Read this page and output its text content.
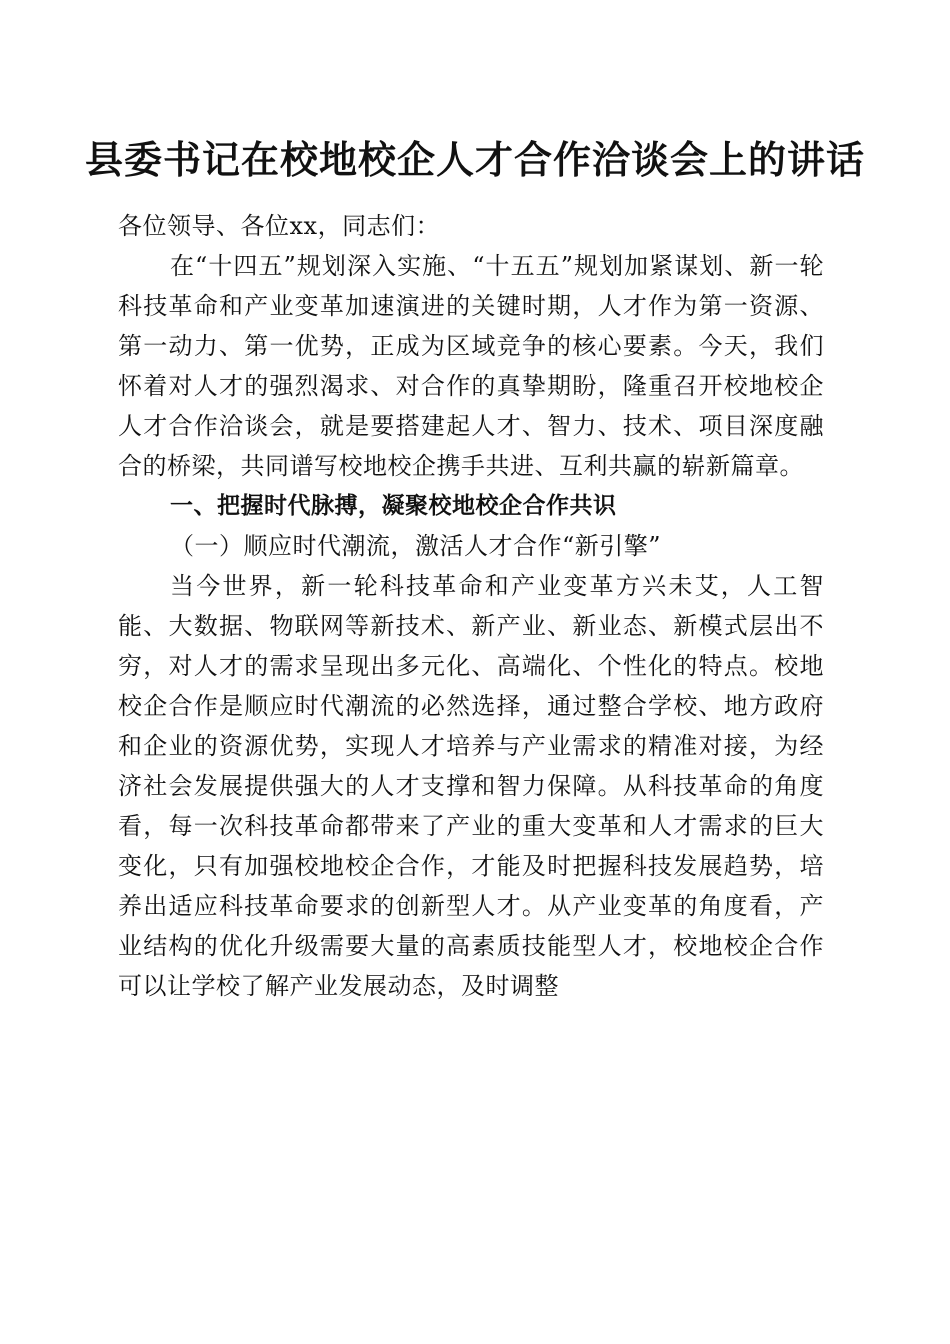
县委书记在校地校企人才合作洽谈会上的讲话

各位领导、各位xx，同志们：

在“十四五”规划深入实施、“十五五”规划加紧谋划、新一轮科技革命和产业变革加速演进的关键时期，人才作为第一资源、第一动力、第一优势，正成为区域竞争的核心要素。今天，我们怀着对人才的强烈渴求、对合作的真挚期盼，隆重召开校地校企人才合作洽谈会，就是要搭建起人才、智力、技术、项目深度融合的桥梁，共同谱写校地校企携手共进、互利共赢的崭新篇章。

一、把握时代脉搏，凝聚校地校企合作共识

（一）顺应时代潮流，激活人才合作“新引擎”

当今世界，新一轮科技革命和产业变革方兴未艾，人工智能、大数据、物联网等新技术、新产业、新业态、新模式层出不穷，对人才的需求呈现出多元化、高端化、个性化的特点。校地校企合作是顺应时代潮流的必然选择，通过整合学校、地方政府和企业的资源优势，实现人才培养与产业需求的精准对接，为经济社会发展提供强大的人才支撑和智力保障。从科技革命的角度看，每一次科技革命都带来了产业的重大变革和人才需求的巨大变化，只有加强校地校企合作，才能及时把握科技发展趋势，培养出适应科技革命要求的创新型人才。从产业变革的角度看，产业结构的优化升级需要大量的高素质技能型人才，校地校企合作可以让学校了解产业发展动态，及时调整
